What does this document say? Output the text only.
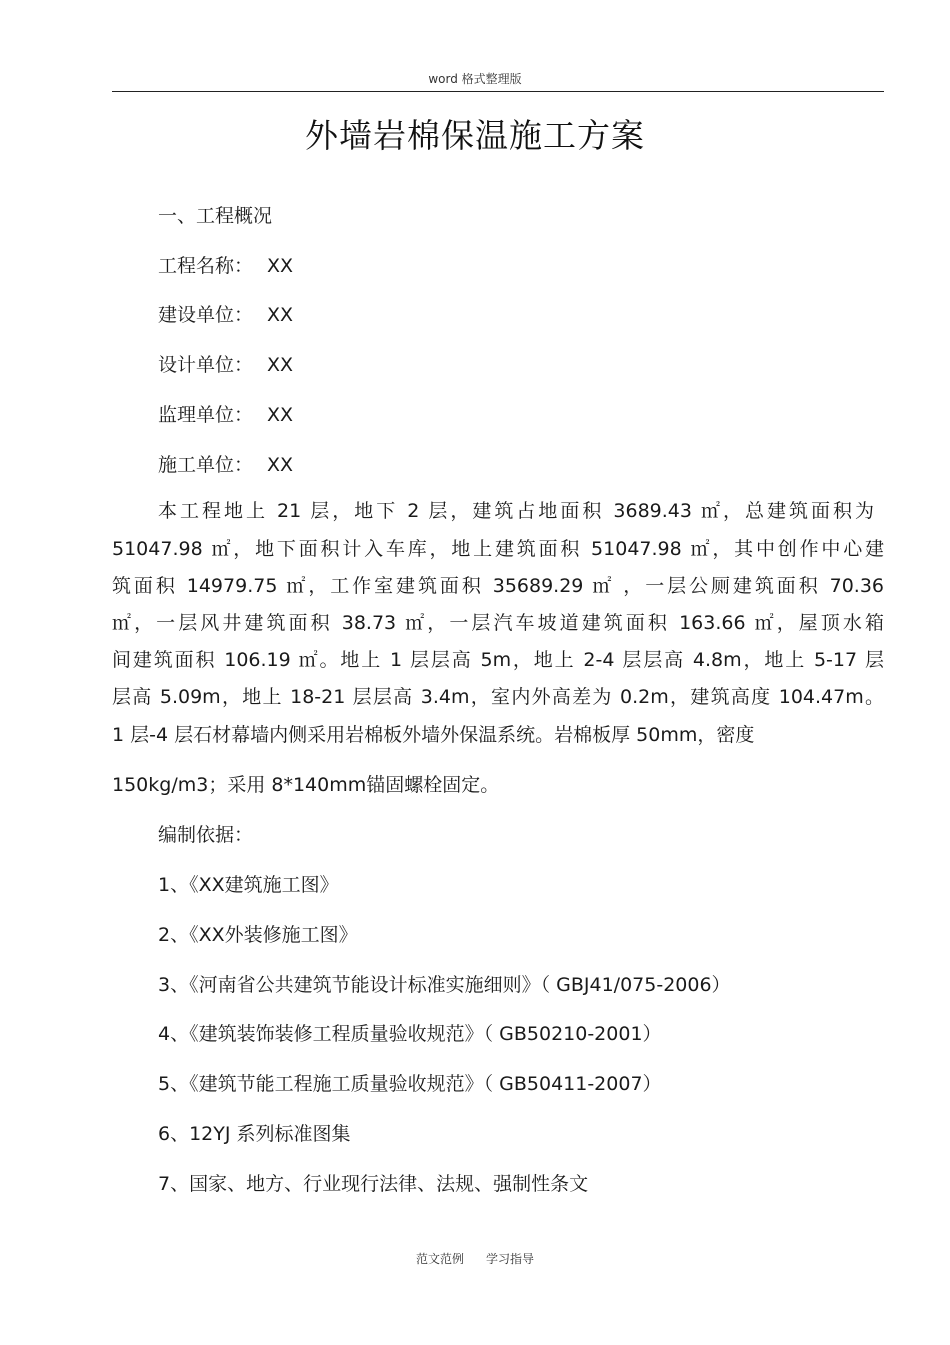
word 格式整理版
外墙岩棉保温施工方案
一、工程概况
工程名称： XX
建设单位： XX
设计单位： XX
监理单位： XX
施工单位： XX
本工程地上 21 层，地下 2 层，建筑占地面积 3689.43 ㎡，总建筑面积为
51047.98 ㎡，地下面积计入车库，地上建筑面积 51047.98 ㎡，其中创作中心建
筑面积 14979.75 ㎡，工作室建筑面积 35689.29 ㎡ ，一层公厕建筑面积 70.36
㎡，一层风井建筑面积 38.73 ㎡，一层汽车坡道建筑面积 163.66 ㎡，屋顶水箱
间建筑面积 106.19 ㎡。地上 1 层层高 5m，地上 2-4 层层高 4.8m，地上 5-17 层
层高 5.09m，地上 18-21 层层高 3.4m，室内外高差为 0.2m，建筑高度 104.47m。
1 层-4 层石材幕墙内侧采用岩棉板外墙外保温系统。岩棉板厚 50mm，密度
150kg/m3；采用 8*140mm锚固螺栓固定。
编制依据：
1、《XX建筑施工图》
2、《XX外装修施工图》
3、《河南省公共建筑节能设计标准实施细则》（ GBJ41/075-2006）
4、《建筑装饰装修工程质量验收规范》（ GB50210-2001）
5、《建筑节能工程施工质量验收规范》（ GB50411-2007）
6、12YJ 系列标准图集
7、国家、地方、行业现行法律、法规、强制性条文
范文范例 学习指导
